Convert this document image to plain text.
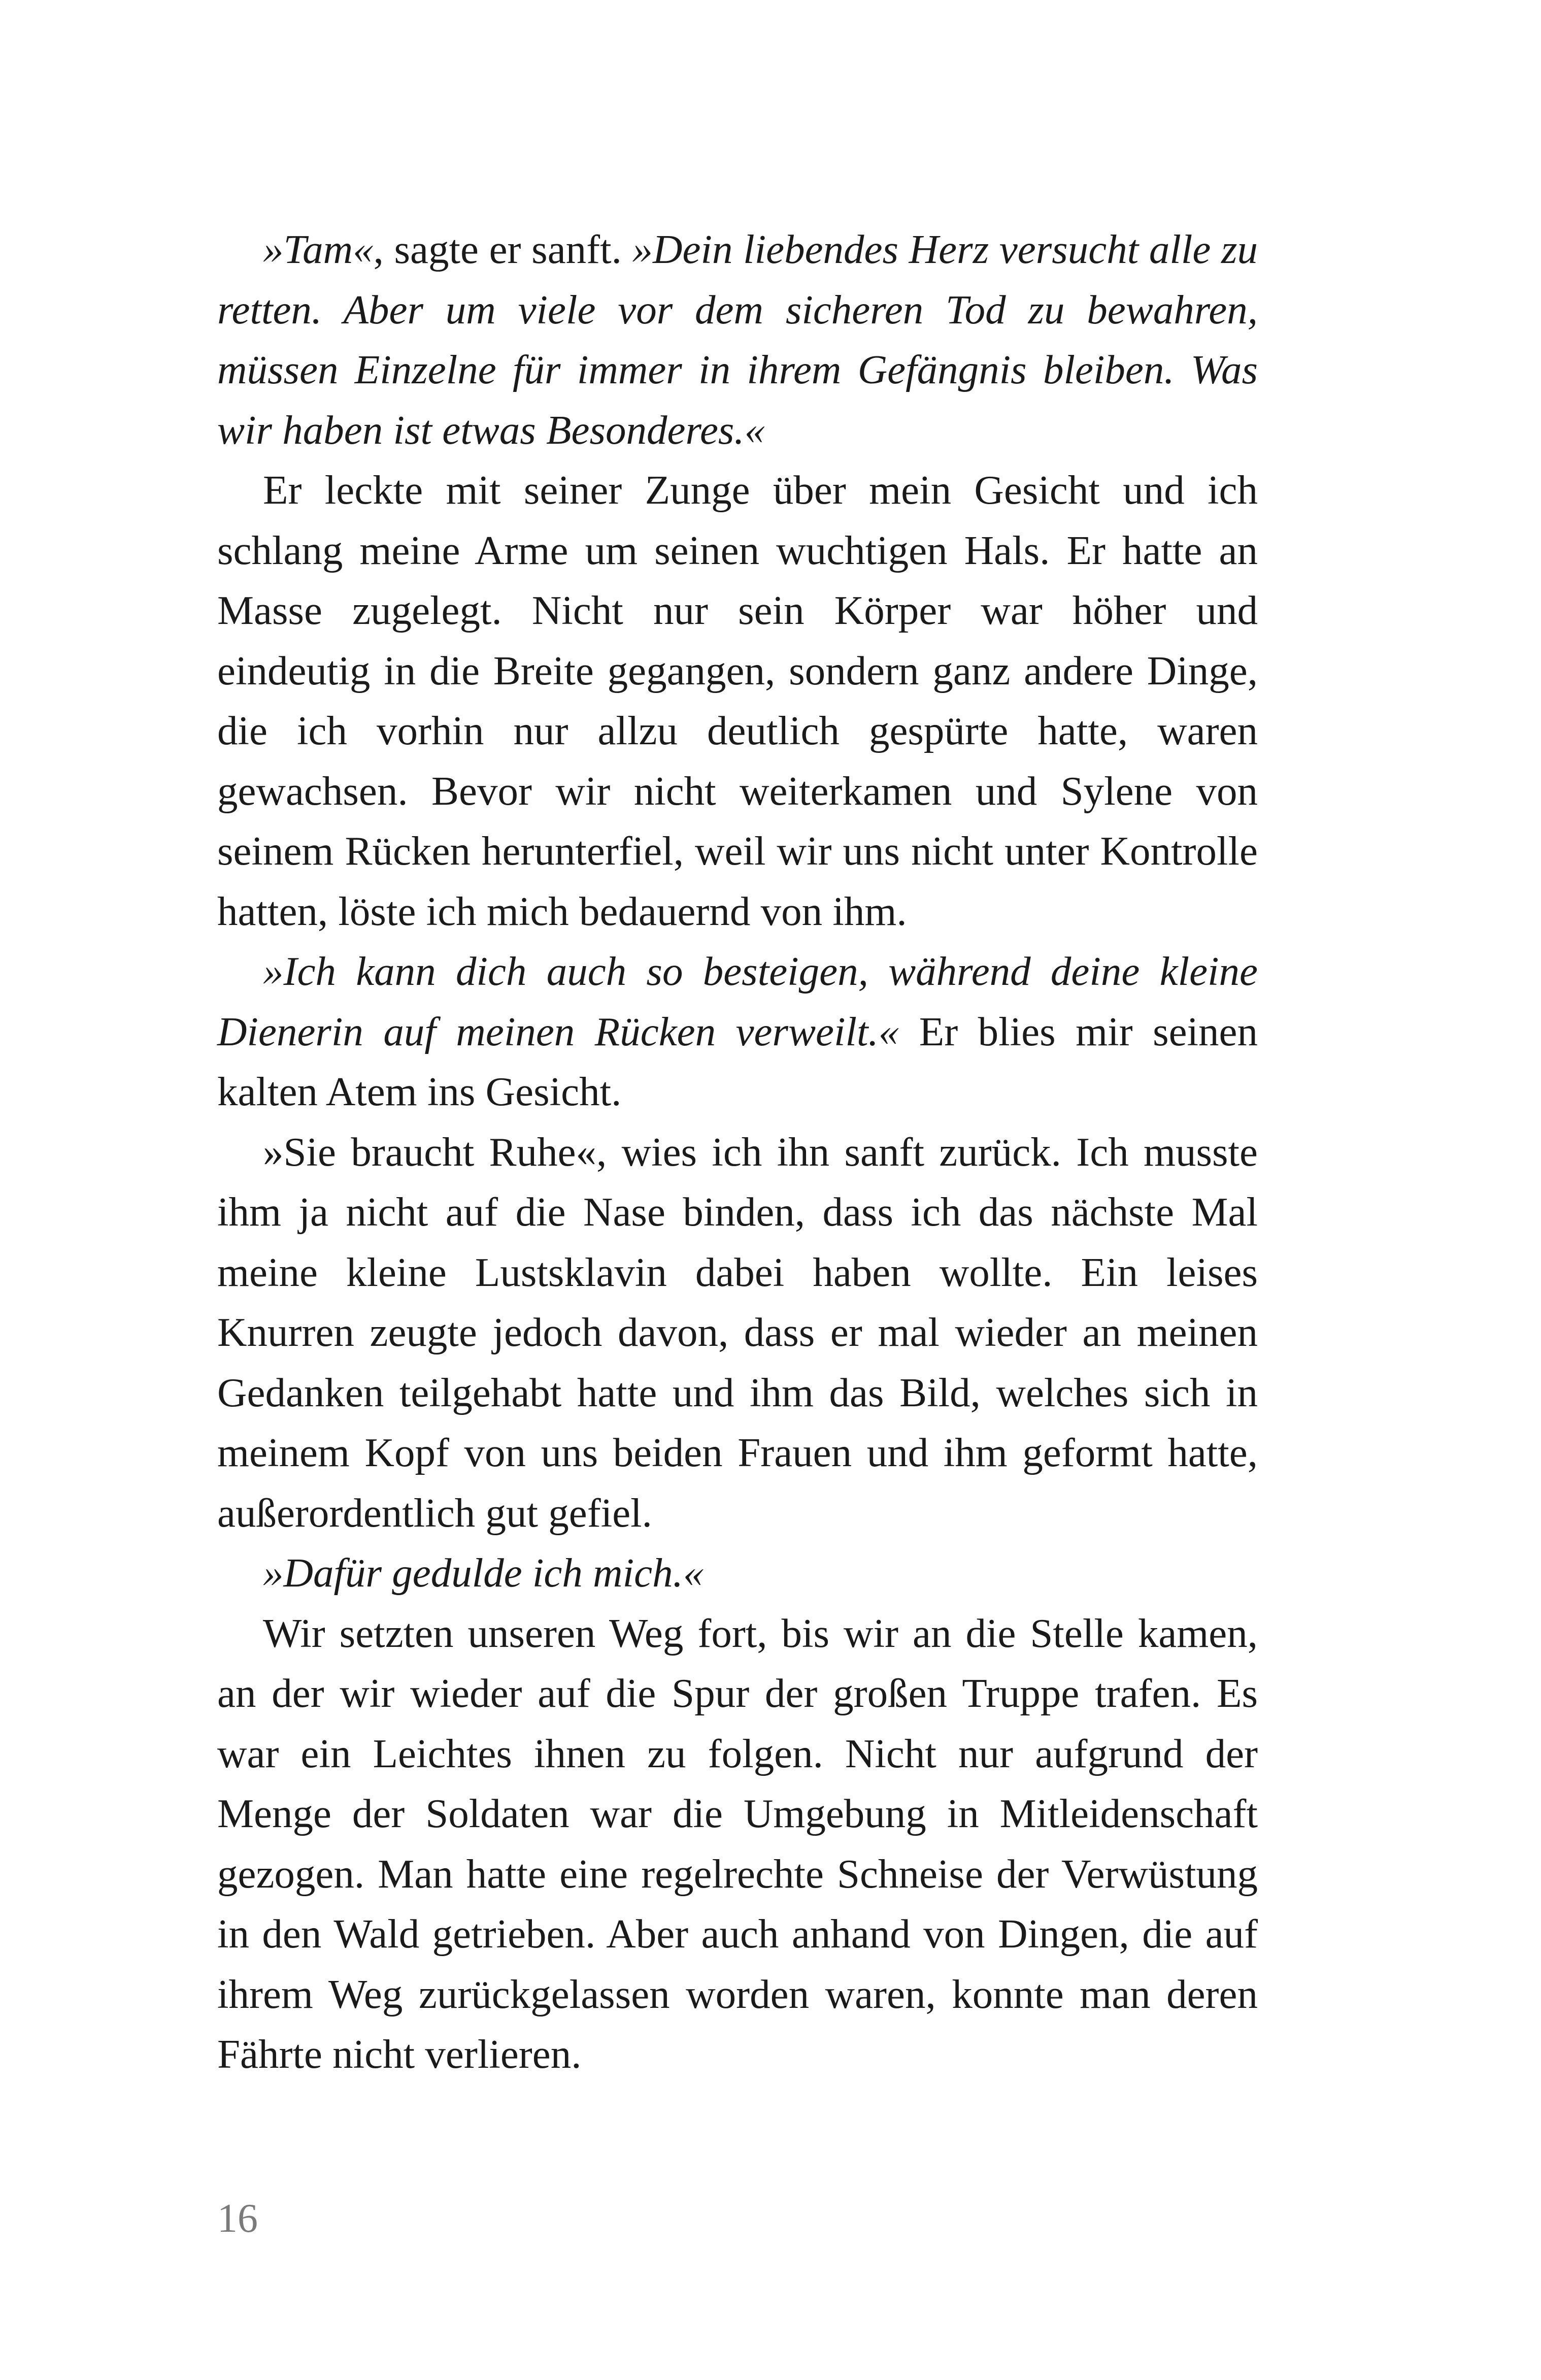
»Tam«, sagte er sanft. »Dein liebendes Herz versucht alle zu retten. Aber um viele vor dem sicheren Tod zu bewahren, müssen Einzelne für immer in ihrem Gefängnis bleiben. Was wir haben ist etwas Besonderes.«

Er leckte mit seiner Zunge über mein Gesicht und ich schlang meine Arme um seinen wuchtigen Hals. Er hatte an Masse zugelegt. Nicht nur sein Körper war höher und eindeutig in die Breite gegangen, sondern ganz andere Dinge, die ich vorhin nur allzu deutlich gespürte hatte, waren gewachsen. Bevor wir nicht weiterkamen und Sylene von seinem Rücken herunterfiel, weil wir uns nicht unter Kontrolle hatten, löste ich mich bedauernd von ihm.

»Ich kann dich auch so besteigen, während deine kleine Dienerin auf meinen Rücken verweilt.« Er blies mir seinen kalten Atem ins Gesicht.

»Sie braucht Ruhe«, wies ich ihn sanft zurück. Ich musste ihm ja nicht auf die Nase binden, dass ich das nächste Mal meine kleine Lustsklavin dabei haben wollte. Ein leises Knurren zeugte jedoch davon, dass er mal wieder an meinen Gedanken teilgehabt hatte und ihm das Bild, welches sich in meinem Kopf von uns beiden Frauen und ihm geformt hatte, außerordentlich gut gefiel.

»Dafür gedulde ich mich.«

Wir setzten unseren Weg fort, bis wir an die Stelle kamen, an der wir wieder auf die Spur der großen Truppe trafen. Es war ein Leichtes ihnen zu folgen. Nicht nur aufgrund der Menge der Soldaten war die Umgebung in Mitleidenschaft gezogen. Man hatte eine regelrechte Schneise der Verwüstung in den Wald getrieben. Aber auch anhand von Dingen, die auf ihrem Weg zurückgelassen worden waren, konnte man deren Fährte nicht verlieren.

16
